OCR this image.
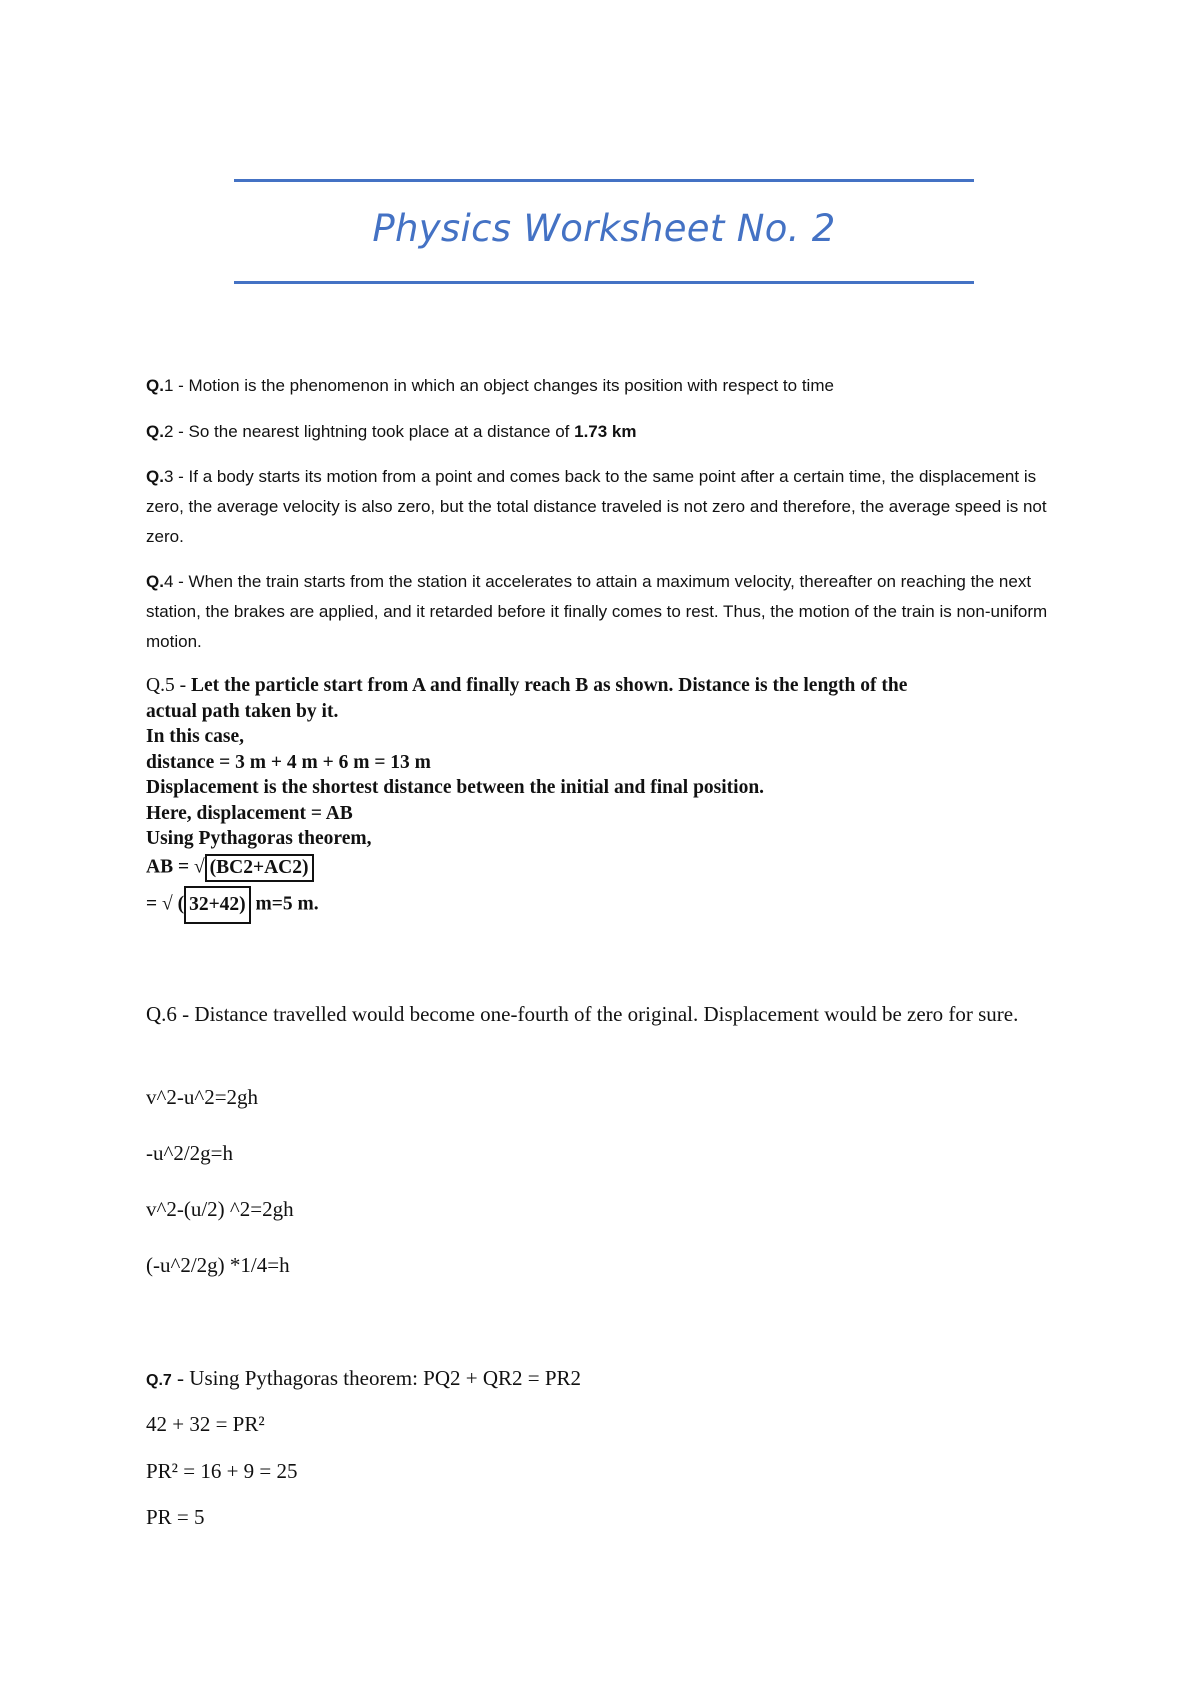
Physics Worksheet No. 2
Q.1 - Motion is the phenomenon in which an object changes its position with respect to time
Q.2 - So the nearest lightning took place at a distance of 1.73 km
Q.3 - If a body starts its motion from a point and comes back to the same point after a certain time, the displacement is zero, the average velocity is also zero, but the total distance traveled is not zero and therefore, the average speed is not zero.
Q.4 - When the train starts from the station it accelerates to attain a maximum velocity, thereafter on reaching the next station, the brakes are applied, and it retarded before it finally comes to rest. Thus, the motion of the train is non-uniform motion.
Q.5 - Let the particle start from A and finally reach B as shown. Distance is the length of the
actual path taken by it.
In this case,
distance = 3 m + 4 m + 6 m = 13 m
Displacement is the shortest distance between the initial and final position.
Here, displacement = AB
Using Pythagoras theorem,
AB = √ (BC2+AC2)
= √ ( 32+42) m=5 m.
Q.6 - Distance travelled would become one-fourth of the original. Displacement would be zero for sure.
v^2-u^2=2gh
-u^2/2g=h
v^2-(u/2) ^2=2gh
(-u^2/2g) *1/4=h
Q.7 - Using Pythagoras theorem: PQ2 + QR2 = PR2
42 + 32 = PR²
PR² = 16 + 9 = 25
PR = 5
